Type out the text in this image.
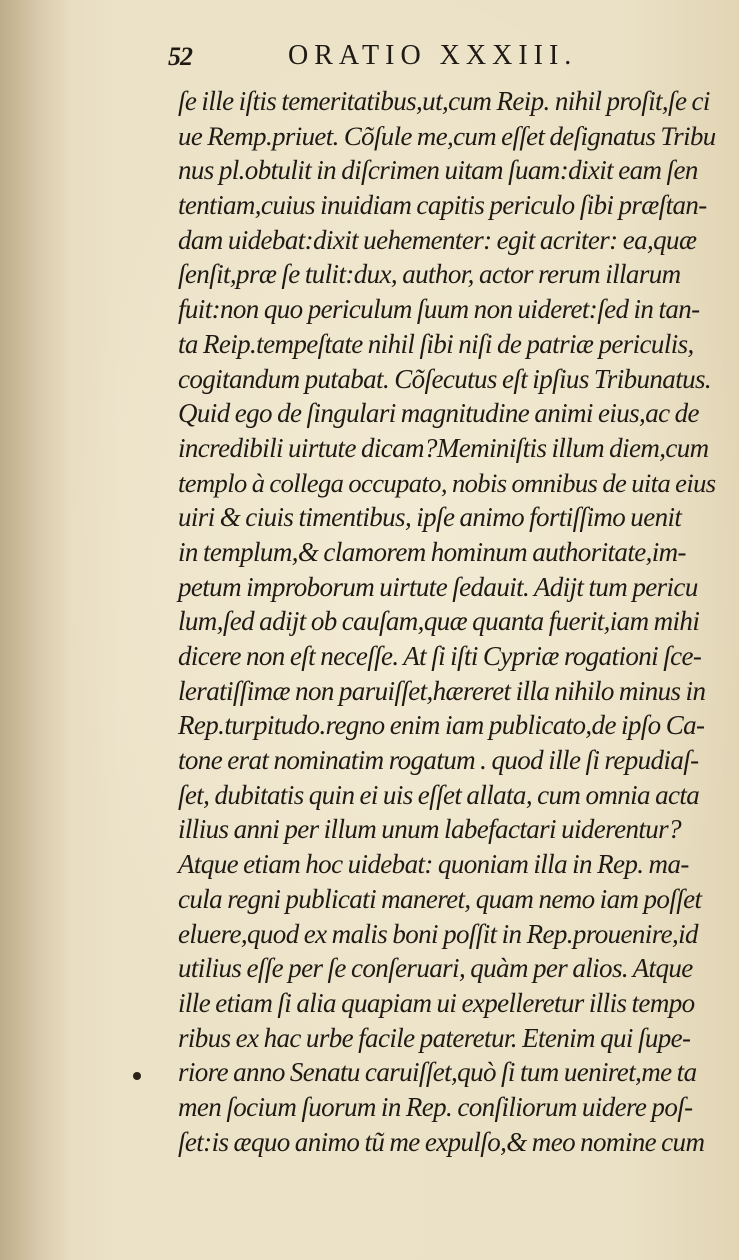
52	ORATIO XXXIII.
ſe ille iſtis temeritatibus,ut,cum Reip. nihil proſit,ſe ci
ue Remp.priuet. Cõſule me,cum eſſet deſignatus Tribu
nus pl.obtulit in diſcrimen uitam ſuam:dixit eam ſen
tentiam,cuius inuidiam capitis periculo ſibi præſtan-
dam uidebat:dixit uehementer: egit acriter: ea,quæ
ſenſit,præ ſe tulit:dux, author, actor rerum illarum
fuit:non quo periculum ſuum non uideret:ſed in tan-
ta Reip.tempeſtate nihil ſibi niſi de patriæ periculis,
cogitandum putabat. Cõſecutus eſt ipſius Tribunatus.
Quid ego de ſingulari magnitudine animi eius,ac de
incredibili uirtute dicam?Meminiſtis illum diem,cum
templo à collega occupato, nobis omnibus de uita eius
uiri & ciuis timentibus, ipſe animo fortiſſimo uenit
in templum,& clamorem hominum authoritate,im-
petum improborum uirtute ſedauit. Adijt tum pericu
lum,ſed adijt ob cauſam,quæ quanta fuerit,iam mihi
dicere non eſt neceſſe. At ſi iſti Cypriæ rogationi ſce-
leratiſſimæ non paruiſſet,hæreret illa nihilo minus in
Rep.turpitudo.regno enim iam publicato,de ipſo Ca-
tone erat nominatim rogatum . quod ille ſi repudiaſ-
ſet, dubitatis quin ei uis eſſet allata, cum omnia acta
illius anni per illum unum labefactari uiderentur?
Atque etiam hoc uidebat: quoniam illa in Rep. ma-
cula regni publicati maneret, quam nemo iam poſſet
eluere,quod ex malis boni poſſit in Rep.prouenire,id
utilius eſſe per ſe conſeruari, quàm per alios. Atque
ille etiam ſi alia quapiam ui expelleretur illis tempo
ribus ex hac urbe facile pateretur. Etenim qui ſupe-
riore anno Senatu caruiſſet,quò ſi tum ueniret,me ta
men ſocium ſuorum in Rep. conſiliorum uidere poſ-
ſet:is æquo animo tũ me expulſo,& meo nomine cum
